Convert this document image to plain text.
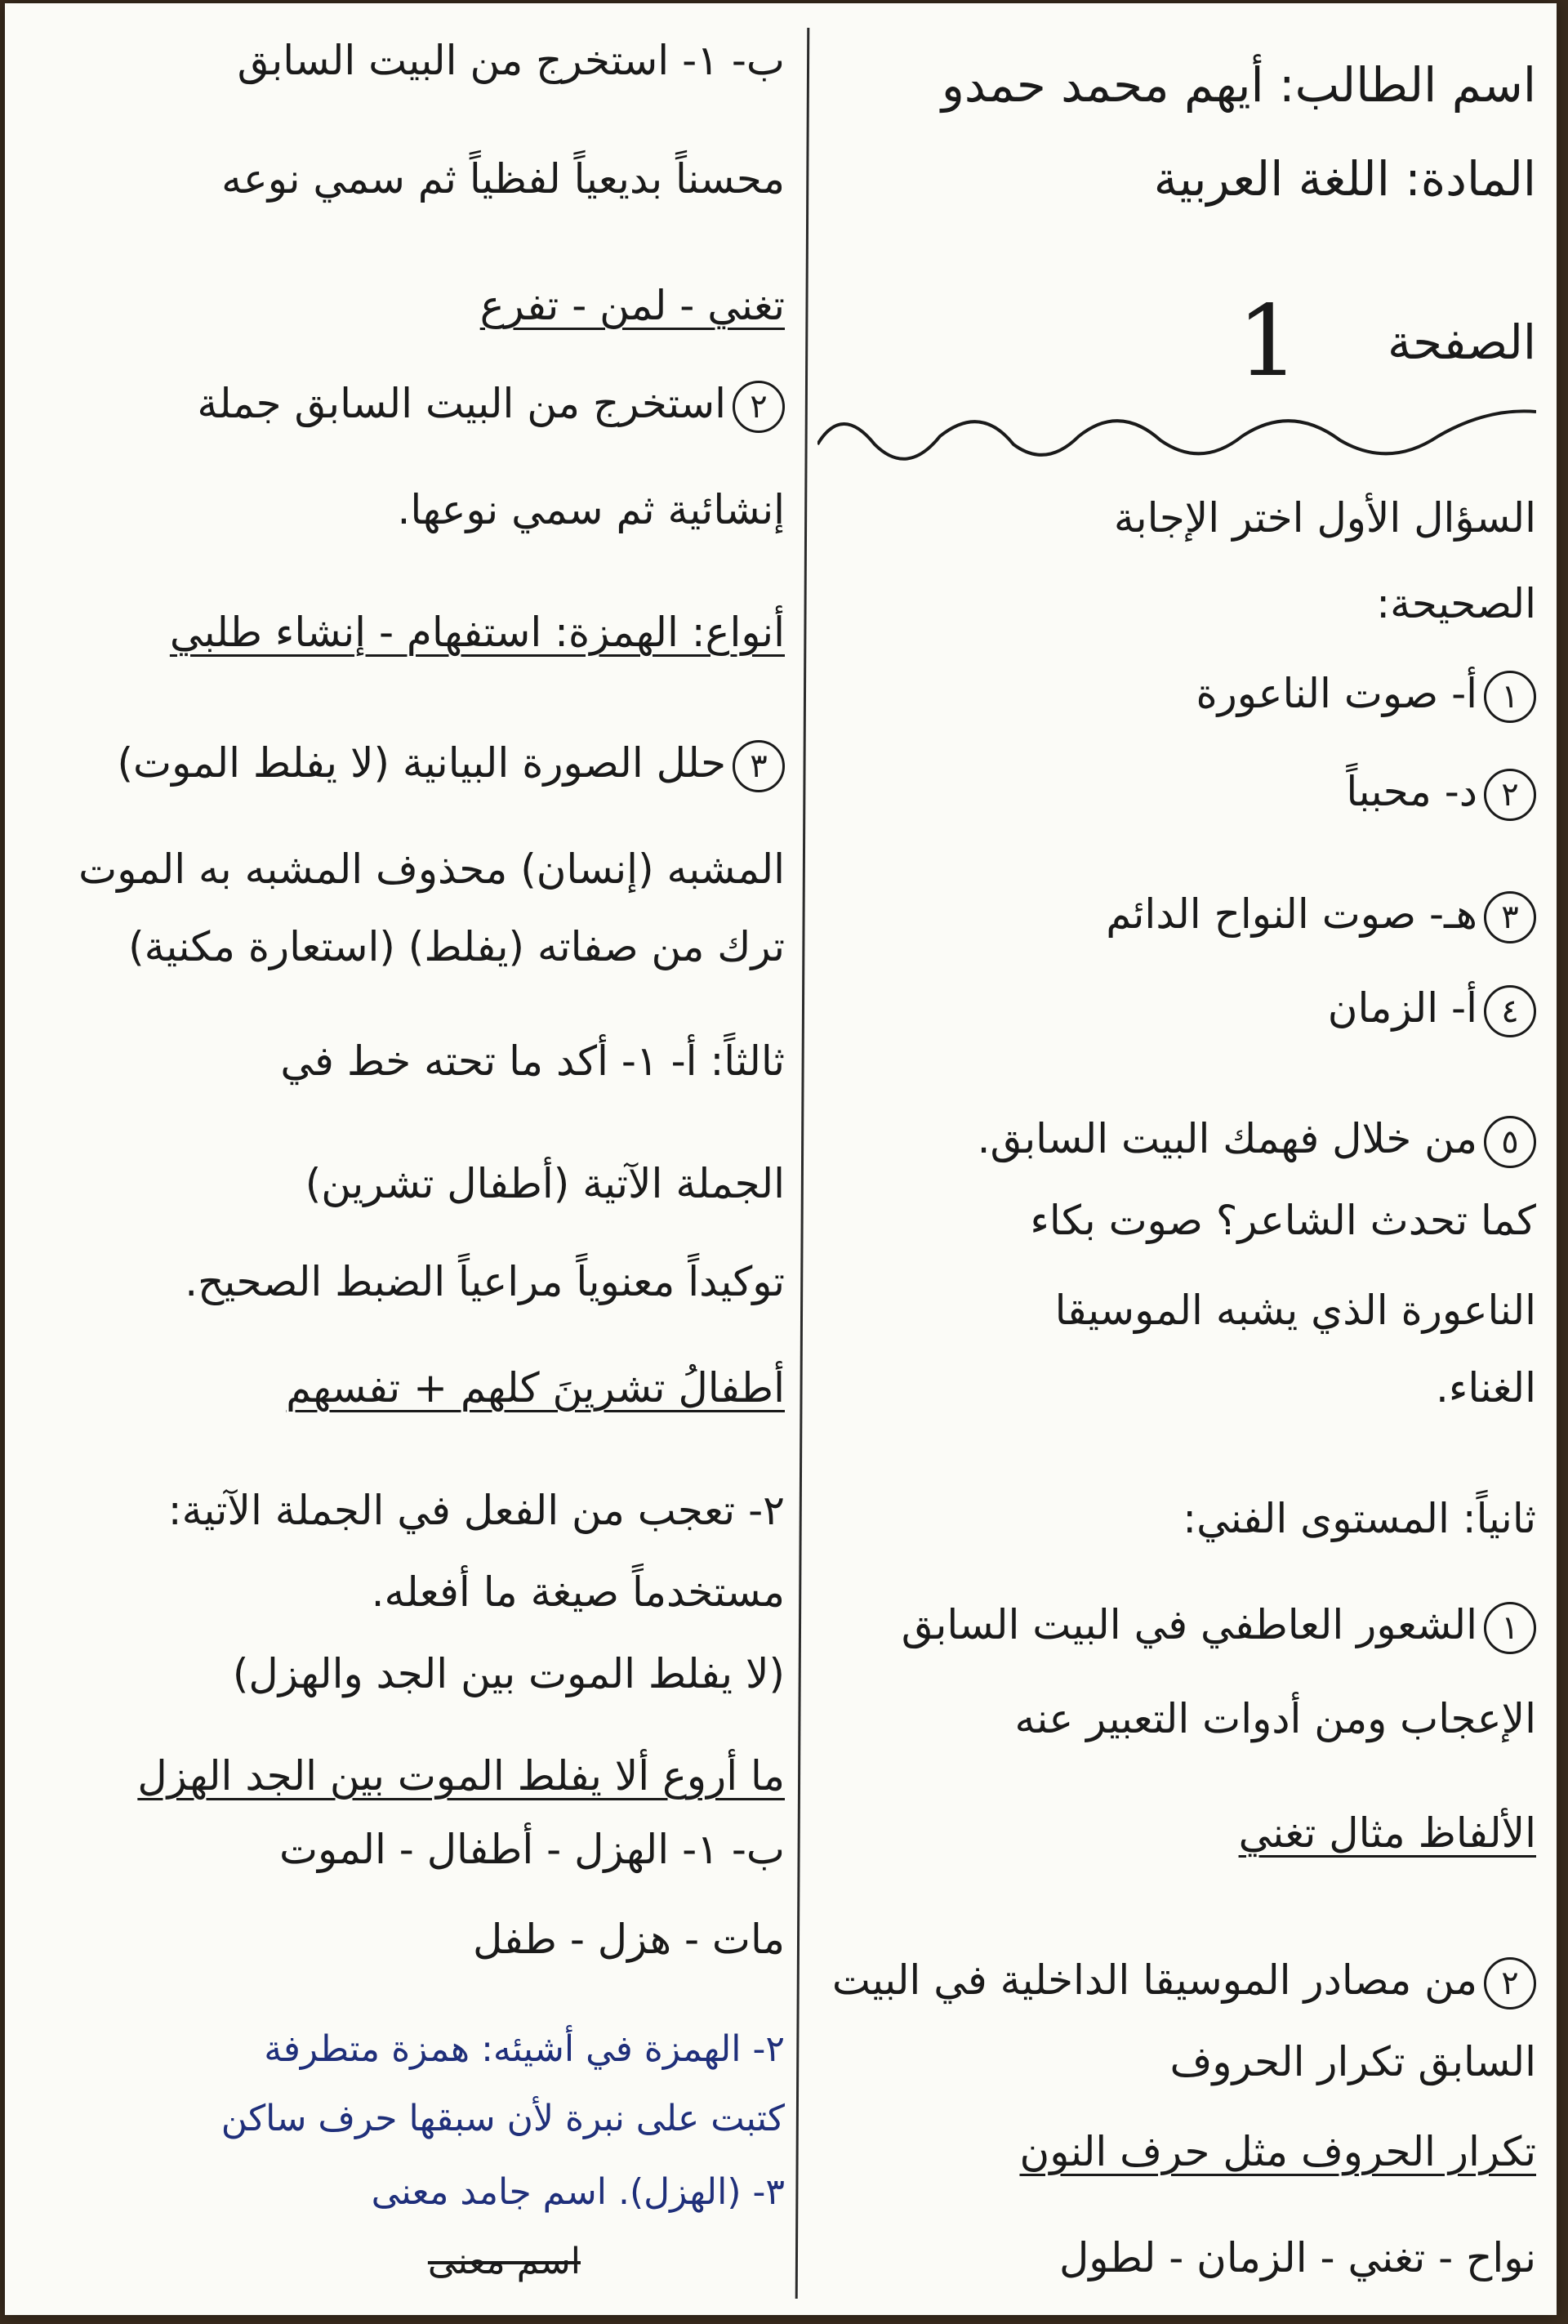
اسم الطالب: أيهم محمد حمدو
المادة: اللغة العربية
الصفحة
1
السؤال الأول اختر الإجابة
الصحيحة:
١أ- صوت الناعورة
٢د- محبباً
٣هـ- صوت النواح الدائم
٤أ- الزمان
٥من خلال فهمك البيت السابق.
كما تحدث الشاعر؟ صوت بكاء
الناعورة الذي يشبه الموسيقا
الغناء.
ثانياً: المستوى الفني:
١الشعور العاطفي في البيت السابق
الإعجاب ومن أدوات التعبير عنه
الألفاظ مثال تغني
٢من مصادر الموسيقا الداخلية في البيت
السابق تكرار الحروف
تكرار الحروف مثل حرف النون
نواح - تغني - الزمان - لطول
ب- ١- استخرج من البيت السابق
محسناً بديعياً لفظياً ثم سمي نوعه
تغني - لمن - تفرع
٢استخرج من البيت السابق جملة
إنشائية ثم سمي نوعها.
أنواع: الهمزة: استفهام - إنشاء طلبي
٣حلل الصورة البيانية (لا يفلط الموت)
المشبه (إنسان) محذوف المشبه به الموت
ترك من صفاته (يفلط) (استعارة مكنية)
ثالثاً: أ- ١- أكد ما تحته خط في
الجملة الآتية (أطفال تشرين)
توكيداً معنوياً مراعياً الضبط الصحيح.
أطفالُ تشرينَ كلهم + تفسهم
٢- تعجب من الفعل في الجملة الآتية:
مستخدماً صيغة ما أفعله.
(لا يفلط الموت بين الجد والهزل)
ما أروع ألا يفلط الموت بين الجد الهزل
ب- ١- الهزل - أطفال - الموت
مات - هزل - طفل
٢- الهمزة في أشيئه: همزة متطرفة
كتبت على نبرة لأن سبقها حرف ساكن
٣- (الهزل). اسم جامد معنى
اسم معنى
